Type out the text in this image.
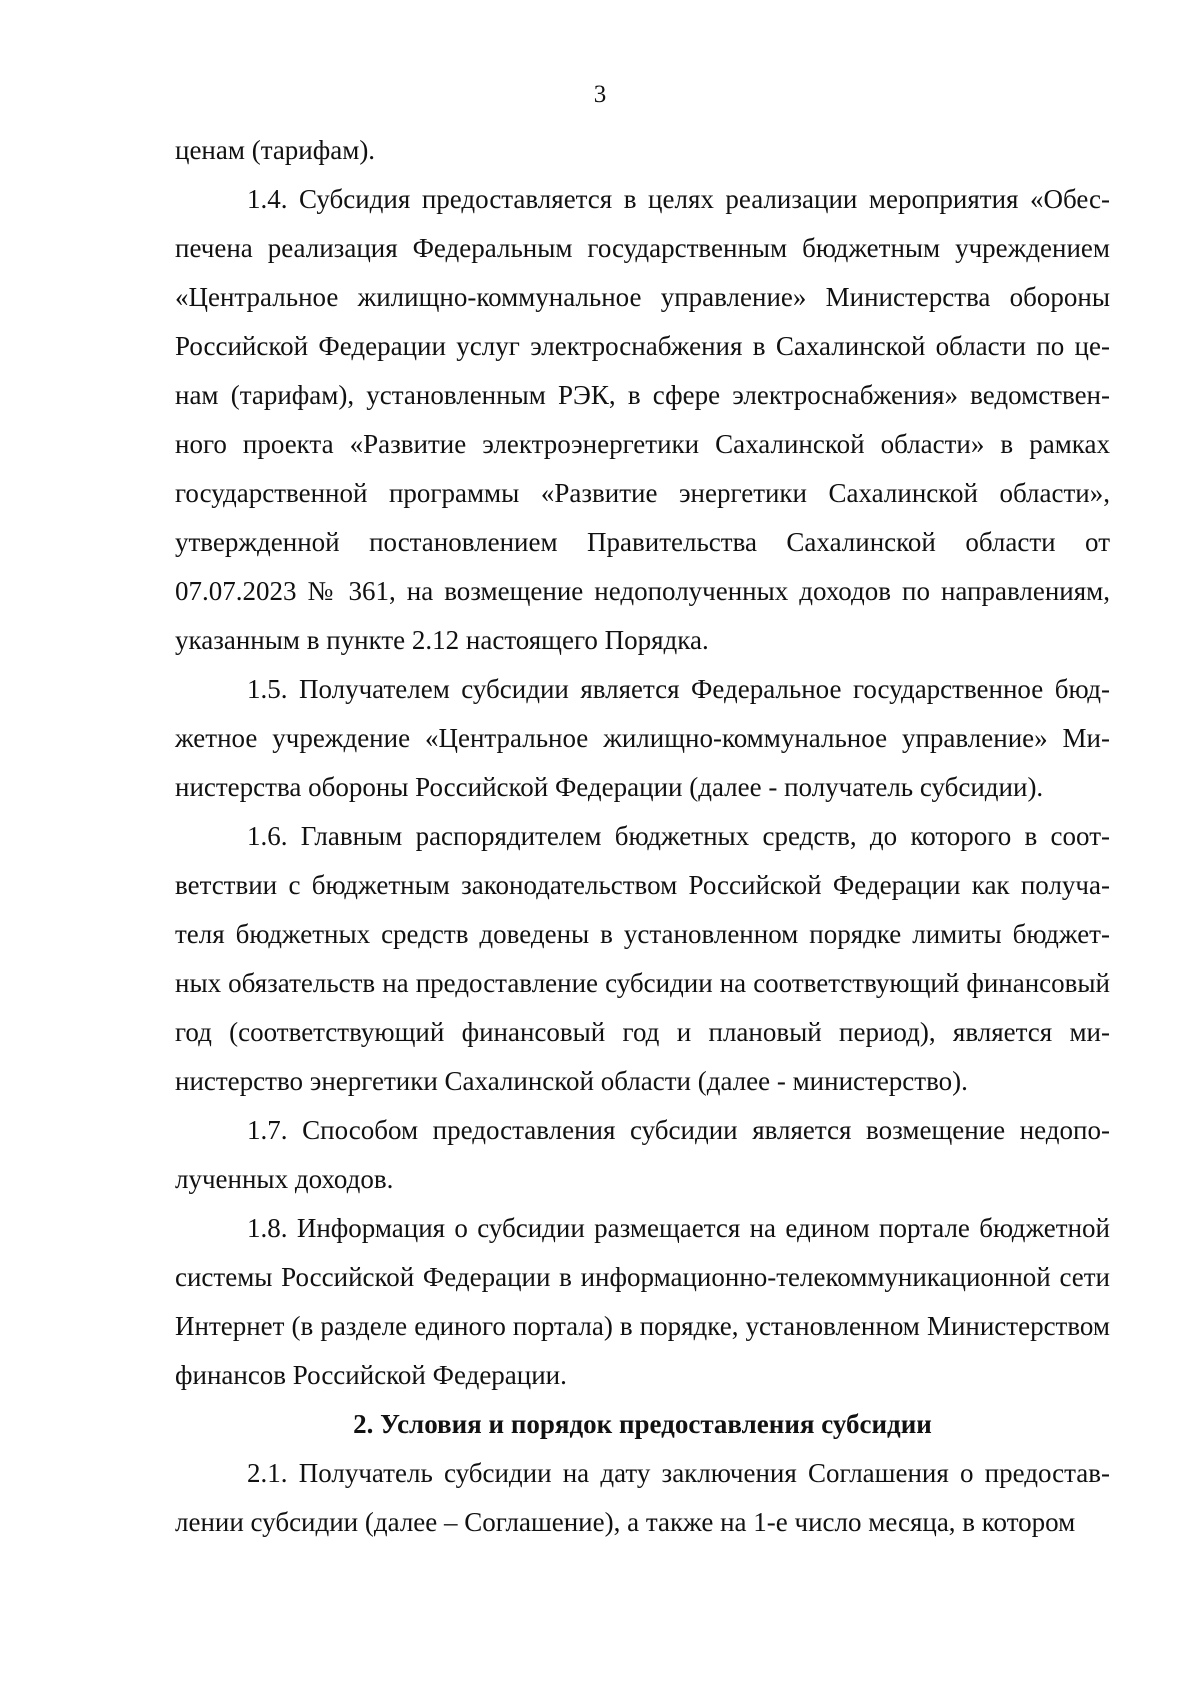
3

ценам (тарифам).

1.4. Субсидия предоставляется в целях реализации мероприятия «Обеспечена реализация Федеральным государственным бюджетным учреждением «Центральное жилищно-коммунальное управление» Министерства обороны Российской Федерации услуг электроснабжения в Сахалинской области по ценам (тарифам), установленным РЭК, в сфере электроснабжения» ведомственного проекта «Развитие электроэнергетики Сахалинской области» в рамках государственной программы «Развитие энергетики Сахалинской области», утвержденной постановлением Правительства Сахалинской области от 07.07.2023 № 361, на возмещение недополученных доходов по направлениям, указанным в пункте 2.12 настоящего Порядка.

1.5. Получателем субсидии является Федеральное государственное бюджетное учреждение «Центральное жилищно-коммунальное управление» Министерства обороны Российской Федерации (далее - получатель субсидии).

1.6. Главным распорядителем бюджетных средств, до которого в соответствии с бюджетным законодательством Российской Федерации как получателя бюджетных средств доведены в установленном порядке лимиты бюджетных обязательств на предоставление субсидии на соответствующий финансовый год (соответствующий финансовый год и плановый период), является министерство энергетики Сахалинской области (далее - министерство).

1.7. Способом предоставления субсидии является возмещение недополученных доходов.

1.8. Информация о субсидии размещается на едином портале бюджетной системы Российской Федерации в информационно-телекоммуникационной сети Интернет (в разделе единого портала) в порядке, установленном Министерством финансов Российской Федерации.

2. Условия и порядок предоставления субсидии

2.1. Получатель субсидии на дату заключения Соглашения о предоставлении субсидии (далее – Соглашение), а также на 1-е число месяца, в котором
